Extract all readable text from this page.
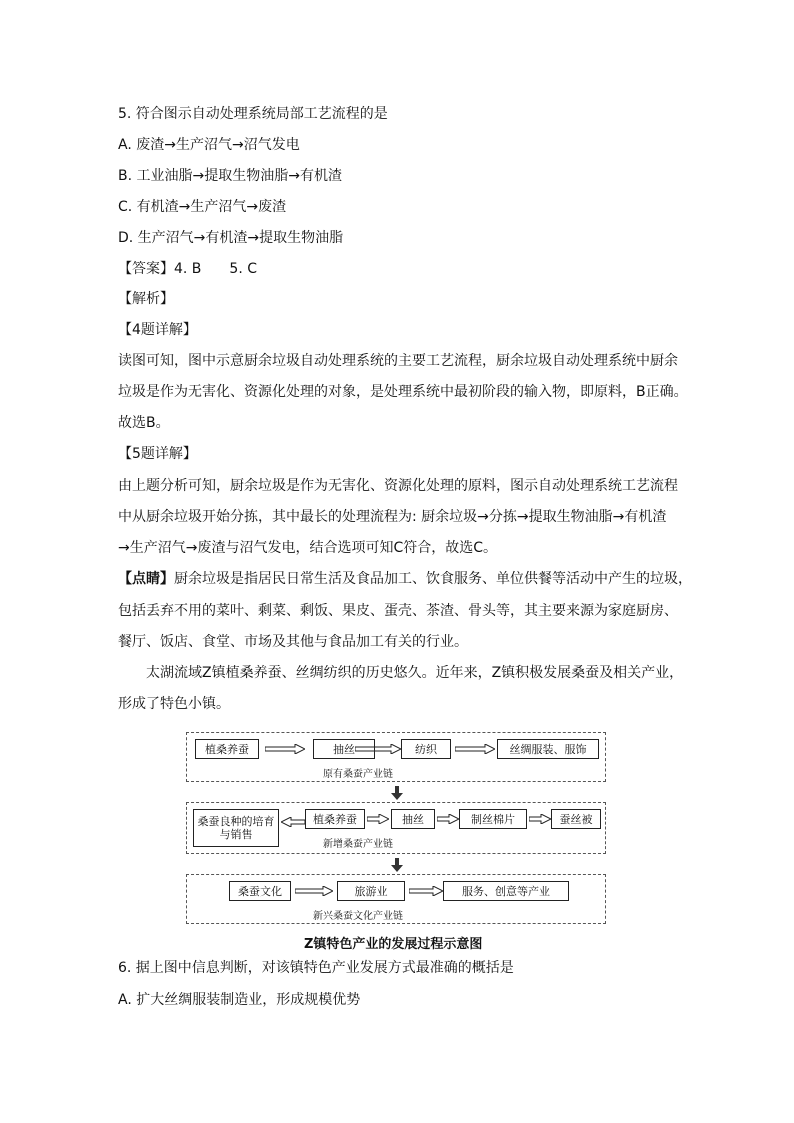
5. 符合图示自动处理系统局部工艺流程的是
A. 废渣→生产沼气→沼气发电
B. 工业油脂→提取生物油脂→有机渣
C. 有机渣→生产沼气→废渣
D. 生产沼气→有机渣→提取生物油脂
【答案】4. B　　5. C
【解析】
【4题详解】
读图可知，图中示意厨余垃圾自动处理系统的主要工艺流程，厨余垃圾自动处理系统中厨余
垃圾是作为无害化、资源化处理的对象，是处理系统中最初阶段的输入物，即原料，B正确。
故选B。
【5题详解】
由上题分析可知，厨余垃圾是作为无害化、资源化处理的原料，图示自动处理系统工艺流程
中从厨余垃圾开始分拣，其中最长的处理流程为: 厨余垃圾→分拣→提取生物油脂→有机渣
→生产沼气→废渣与沼气发电，结合选项可知C符合，故选C。
【点睛】厨余垃圾是指居民日常生活及食品加工、饮食服务、单位供餐等活动中产生的垃圾，
包括丢弃不用的菜叶、剩菜、剩饭、果皮、蛋壳、茶渣、骨头等，其主要来源为家庭厨房、
餐厅、饭店、食堂、市场及其他与食品加工有关的行业。
太湖流域Z镇植桑养蚕、丝绸纺织的历史悠久。近年来，Z镇积极发展桑蚕及相关产业，
形成了特色小镇。
植桑养蚕	抽丝	纺织	丝绸服装、服饰
原有桑蚕产业链
桑蚕良种的培育与销售
植桑养蚕	抽丝	制丝棉片	蚕丝被
新增桑蚕产业链
桑蚕文化	旅游业	服务、创意等产业
新兴桑蚕文化产业链
Z镇特色产业的发展过程示意图
6. 据上图中信息判断，对该镇特色产业发展方式最准确的概括是
A. 扩大丝绸服装制造业，形成规模优势
